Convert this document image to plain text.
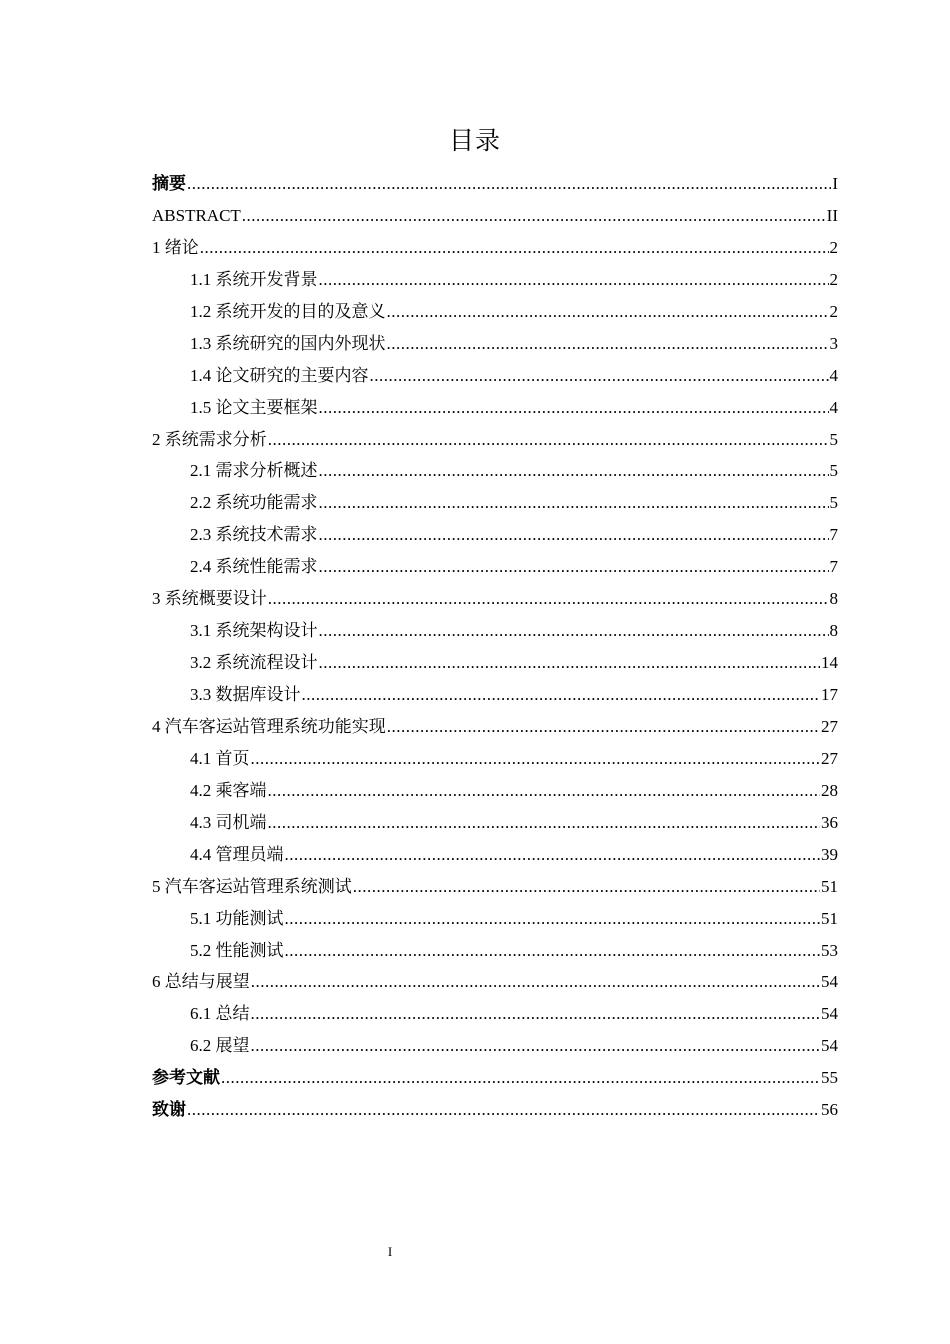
目录
摘要 .....	I
ABSTRACT .....	II
1 绪论 .....	2
1.1 系统开发背景 .....	2
1.2 系统开发的目的及意义 .....	2
1.3 系统研究的国内外现状 .....	3
1.4 论文研究的主要内容 .....	4
1.5 论文主要框架 .....	4
2 系统需求分析 .....	5
2.1 需求分析概述 .....	5
2.2 系统功能需求 .....	5
2.3 系统技术需求 .....	7
2.4 系统性能需求 .....	7
3 系统概要设计 .....	8
3.1 系统架构设计 .....	8
3.2 系统流程设计 .....	14
3.3 数据库设计 .....	17
4 汽车客运站管理系统功能实现 .....	27
4.1 首页 .....	27
4.2 乘客端 .....	28
4.3 司机端 .....	36
4.4 管理员端 .....	39
5 汽车客运站管理系统测试 .....	51
5.1 功能测试 .....	51
5.2 性能测试 .....	53
6 总结与展望 .....	54
6.1 总结 .....	54
6.2 展望 .....	54
参考文献 .....	55
致谢 .....	56
I
